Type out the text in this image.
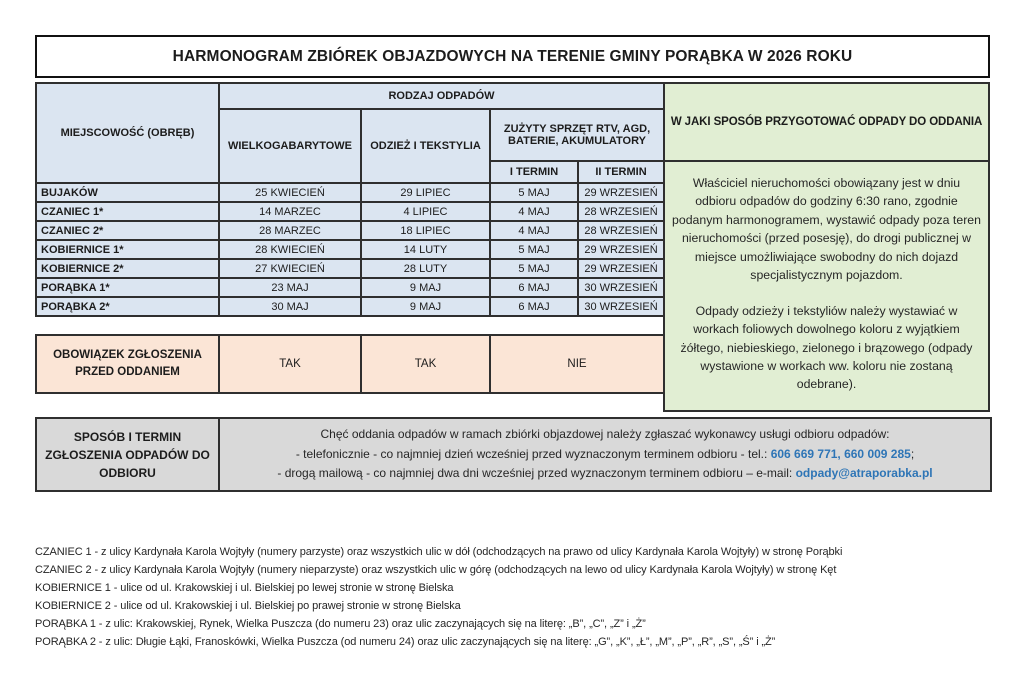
HARMONOGRAM ZBIÓREK OBJAZDOWYCH NA TERENIE GMINY PORĄBKA W 2026 ROKU
MIEJSCOWOŚĆ (OBRĘB)	RODZAJ ODPADÓW			
	WIELKOGABARYTOWE	ODZIEŻ I TEKSTYLIA	ZUŻYTY SPRZĘT RTV, AGD, BATERIE, AKUMULATORY	
			I TERMIN	II TERMIN
BUJAKÓW	25 KWIECIEŃ	29 LIPIEC	5 MAJ	29 WRZESIEŃ
CZANIEC 1*	14 MARZEC	4 LIPIEC	4 MAJ	28 WRZESIEŃ
CZANIEC 2*	28 MARZEC	18 LIPIEC	4 MAJ	28 WRZESIEŃ
KOBIERNICE 1*	28 KWIECIEŃ	14 LUTY	5 MAJ	29 WRZESIEŃ
KOBIERNICE 2*	27 KWIECIEŃ	28 LUTY	5 MAJ	29 WRZESIEŃ
PORĄBKA 1*	23 MAJ	9 MAJ	6 MAJ	30 WRZESIEŃ
PORĄBKA 2*	30 MAJ	9 MAJ	6 MAJ	30 WRZESIEŃ
W JAKI SPOSÓB PRZYGOTOWAĆ ODPADY DO ODDANIA

Właściciel nieruchomości obowiązany jest w dniu odbioru odpadów do godziny 6:30 rano, zgodnie podanym harmonogramem, wystawić odpady poza teren nieruchomości (przed posesję), do drogi publicznej w miejsce umożliwiające swobodny do nich dojazd specjalistycznym pojazdom.

Odpady odzieży i tekstyliów należy wystawiać w workach foliowych dowolnego koloru z wyjątkiem żółtego, niebieskiego, zielonego i brązowego (odpady wystawione w workach ww. koloru nie zostaną odebrane).

OBOWIĄZEK ZGŁOSZENIA PRZED ODDANIEM	TAK	TAK	NIE
SPOSÓB I TERMIN ZGŁOSZENIA ODPADÓW DO ODBIORU	
Chęć oddania odpadów w ramach zbiórki objazdowej należy zgłaszać wykonawcy usługi odbioru odpadów:
- telefonicznie - co najmniej dzień wcześniej przed wyznaczonym terminem odbioru - tel.: 606 669 771, 660 009 285;
- drogą mailową - co najmniej dwa dni wcześniej przed wyznaczonym terminem odbioru – e-mail: odpady@atraporabka.pl
CZANIEC 1 - z ulicy Kardynała Karola Wojtyły (numery parzyste) oraz wszystkich ulic w dół (odchodzących na prawo od ulicy Kardynała Karola Wojtyły) w stronę Porąbki
CZANIEC 2 - z ulicy Kardynała Karola Wojtyły (numery nieparzyste) oraz wszystkich ulic w górę (odchodzących na lewo od ulicy Kardynała Karola Wojtyły) w stronę Kęt
KOBIERNICE 1 - ulice od ul. Krakowskiej i ul. Bielskiej po lewej stronie w stronę Bielska
KOBIERNICE 2 - ulice od ul. Krakowskiej i ul. Bielskiej po prawej stronie w stronę Bielska
PORĄBKA 1 - z ulic: Krakowskiej, Rynek, Wielka Puszcza (do numeru 23) oraz ulic zaczynających się na literę: „B”, „C”, „Z” i „Ż”
PORĄBKA 2 - z ulic: Długie Łąki, Franoskówki, Wielka Puszcza (od numeru 24) oraz ulic zaczynających się na literę: „G”, „K”, „Ł”, „M”, „P”, „R”, „S”, „Ś” i „Ż”
